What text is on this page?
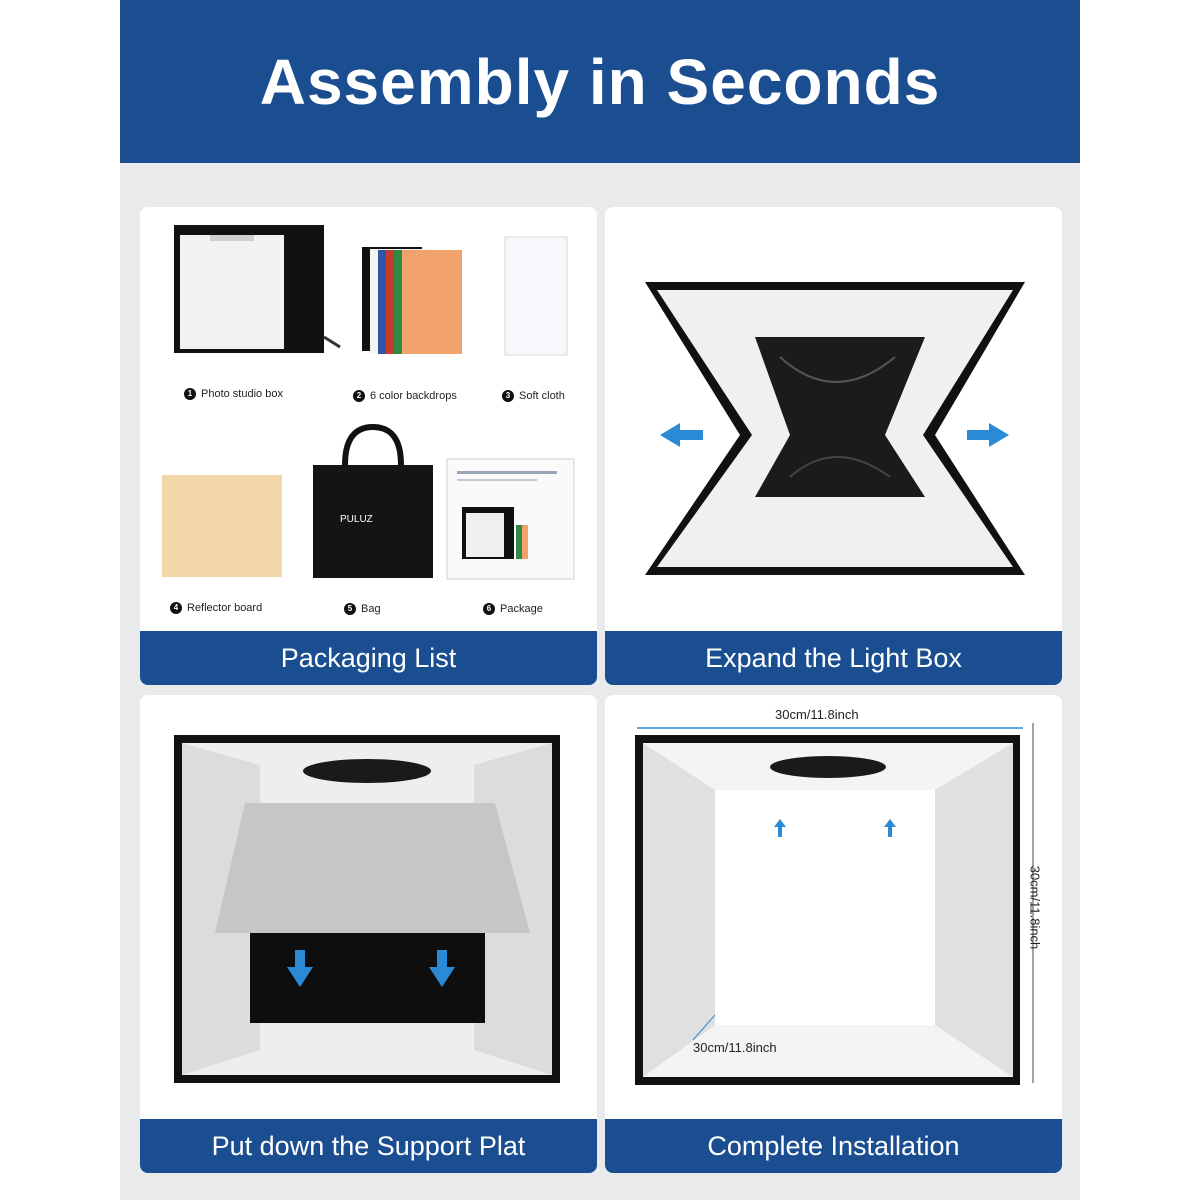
Assembly in Seconds
PULUZ
1 Photo studio box	2 6 color backdrops	3 Soft cloth
4 Reflector board	5 Bag	6 Package
Packaging List	Expand the Light Box
Put down the Support Plat
30cm/11.8inch
30cm/11.8inch
30cm/11.8inch
Complete Installation
